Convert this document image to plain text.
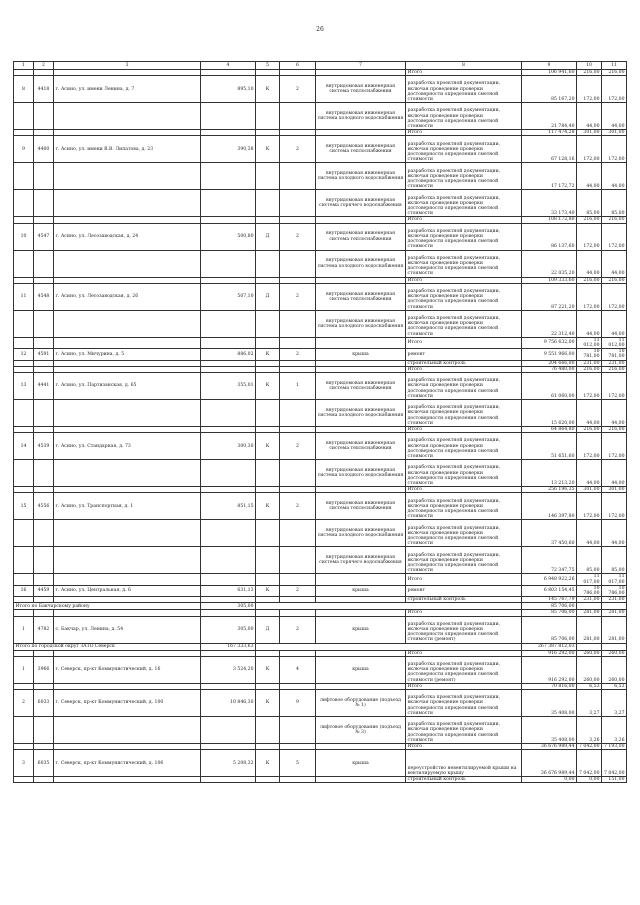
26
1	2	3	4	5	6	7	8	9	10	11
							Итого	106 941,60	216,00	216,00
8	4418	г. Асино, ул. имени Ленина, д. 7	895,10	К	2	внутридомовая инженерная система теплоснабжения	разработка проектной документации, включая проведение проверки достоверности определения сметной стоимости	85 167,20	172,00	172,00
						внутридомовая инженерная система холодного водоснабжения	разработка проектной документации, включая проведение проверки достоверности определения сметной стоимости	21 784,40	44,00	44,00
							Итого	117 474,28	301,00	301,00
9	4400	г. Асино, ул. имени В.В. Липатова, д. 23	390,38	К	2	внутридомовая инженерная система теплоснабжения	разработка проектной документации, включая проведение проверки достоверности определения сметной стоимости	67 128,16	172,00	172,00
						внутридомовая инженерная система холодного водоснабжения	разработка проектной документации, включая проведение проверки достоверности определения сметной стоимости	17 172,72	44,00	44,00
						внутридомовая инженерная система горячего водоснабжения	разработка проектной документации, включая проведение проверки достоверности определения сметной стоимости	33 173,40	85,00	85,00
							Итого	108 172,80	216,00	216,00
10	4547	г. Асино, ул. Лесозаводская, д. 24	500,80	Д	2	внутридомовая инженерная система теплоснабжения	разработка проектной документации, включая проведение проверки достоверности определения сметной стоимости	86 137,60	172,00	172,00
						внутридомовая инженерная система холодного водоснабжения	разработка проектной документации, включая проведение проверки достоверности определения сметной стоимости	22 035,20	44,00	44,00
							Итого	109 333,60	216,00	216,00
11	4548	г. Асино, ул. Лесозаводская, д. 26	507,10	Д	2	внутридомовая инженерная система теплоснабжения	разработка проектной документации, включая проведение проверки достоверности определения сметной стоимости	87 221,20	172,00	172,00
						внутридомовая инженерная система холодного водоснабжения	разработка проектной документации, включая проведение проверки достоверности определения сметной стоимости	22 312,40	44,00	44,00
							Итого	9 756 632,00	11 012,00	11 012,00
12	4591	г. Асино, ул. Мичурина, д. 5	886,02	К	2	крыша	ремонт	9 551 966,00	10 781,00	10 781,00
							строительный контроль	204 666,00	231,00	231,00
							Итого	76 480,00	216,00	216,00
13	4441	г. Асино, ул. Партизанская, д. 65	355,01	К	1	внутридомовая инженерная система теплоснабжения	разработка проектной документации, включая проведение проверки достоверности определения сметной стоимости	61 060,00	172,00	172,00
						внутридомовая инженерная система холодного водоснабжения	разработка проектной документации, включая проведение проверки достоверности определения сметной стоимости	15 620,00	44,00	44,00
							Итого	64 864,80	216,00	216,00
14	4539	г. Асино, ул. Стандарная, д. 73	300,30	К	2	внутридомовая инженерная система теплоснабжения	разработка проектной документации, включая проведение проверки достоверности определения сметной стоимости	51 651,60	172,00	172,00
						внутридомовая инженерная система холодного водоснабжения	разработка проектной документации, включая проведение проверки достоверности определения сметной стоимости	13 213,20	44,00	44,00
							Итого	256 196,35	301,00	301,00
15	4556	г. Асино, ул. Транспортная, д. 1	851,15	К	2	внутридомовая инженерная система теплоснабжения	разработка проектной документации, включая проведение проверки достоверности определения сметной стоимости	146 397,80	172,00	172,00
						внутридомовая инженерная система холодного водоснабжения	разработка проектной документации, включая проведение проверки достоверности определения сметной стоимости	37 450,60	44,00	44,00
						внутридомовая инженерная система горячего водоснабжения	разработка проектной документации, включая проведение проверки достоверности определения сметной стоимости	72 347,75	85,00	85,00
							Итого	6 948 922,26	11 017,00	11 017,00
16	4459	г. Асино, ул. Центральная, д. 6	631,13	К	2	крыша	ремонт	6 803 154,45	10 786,00	10 786,00
							строительный контроль	145 767,79	231,00	231,00
Итого по Бакчарскому району			305,00					85 706,00		
							Итого	85 706,00	281,00	281,00
1	4782	с. Бакчар, ул. Ленина, д. 54	305,00	Д	2	крыша	разработка проектной документации, включая проведение проверки достоверности определения сметной стоимости (ремонт)	85 706,00	281,00	281,00
Итого по городской округ ЗАТО Северск			167 333,63					267 387 812,03		
							Итого	916 292,00	260,00	260,00
1	3966	г. Северск, пр-кт Коммунистический, д. 16	3 524,20	К	4	крыша	разработка проектной документации, включая проведение проверки достоверности определения сметной стоимости (ремонт)	916 292,00	260,00	260,00
							Итого	70 816,00	6,53	6,53
2	6033	г. Северск, пр-кт Коммунистический, д. 100	10 846,30	К	9	лифтовое оборудование (подъезд № 1)	разработка проектной документации, включая проведение проверки достоверности определения сметной стоимости	35 408,00	3,27	3,27
						лифтовое оборудование (подъезд № 3)	разработка проектной документации, включая проведение проверки достоверности определения сметной стоимости	35 408,00	3,26	3,26
							Итого	36 676 989,44	7 042,00	7 193,00
3	6035	г. Северск, пр-кт Коммунистический, д. 106	5 208,32	К	5	крыша	переустройство невентилируемой крыши на вентилируемую крышу	36 676 989,44	7 042,00	7 042,00
							строительный контроль	0,00	0,00	151,00
